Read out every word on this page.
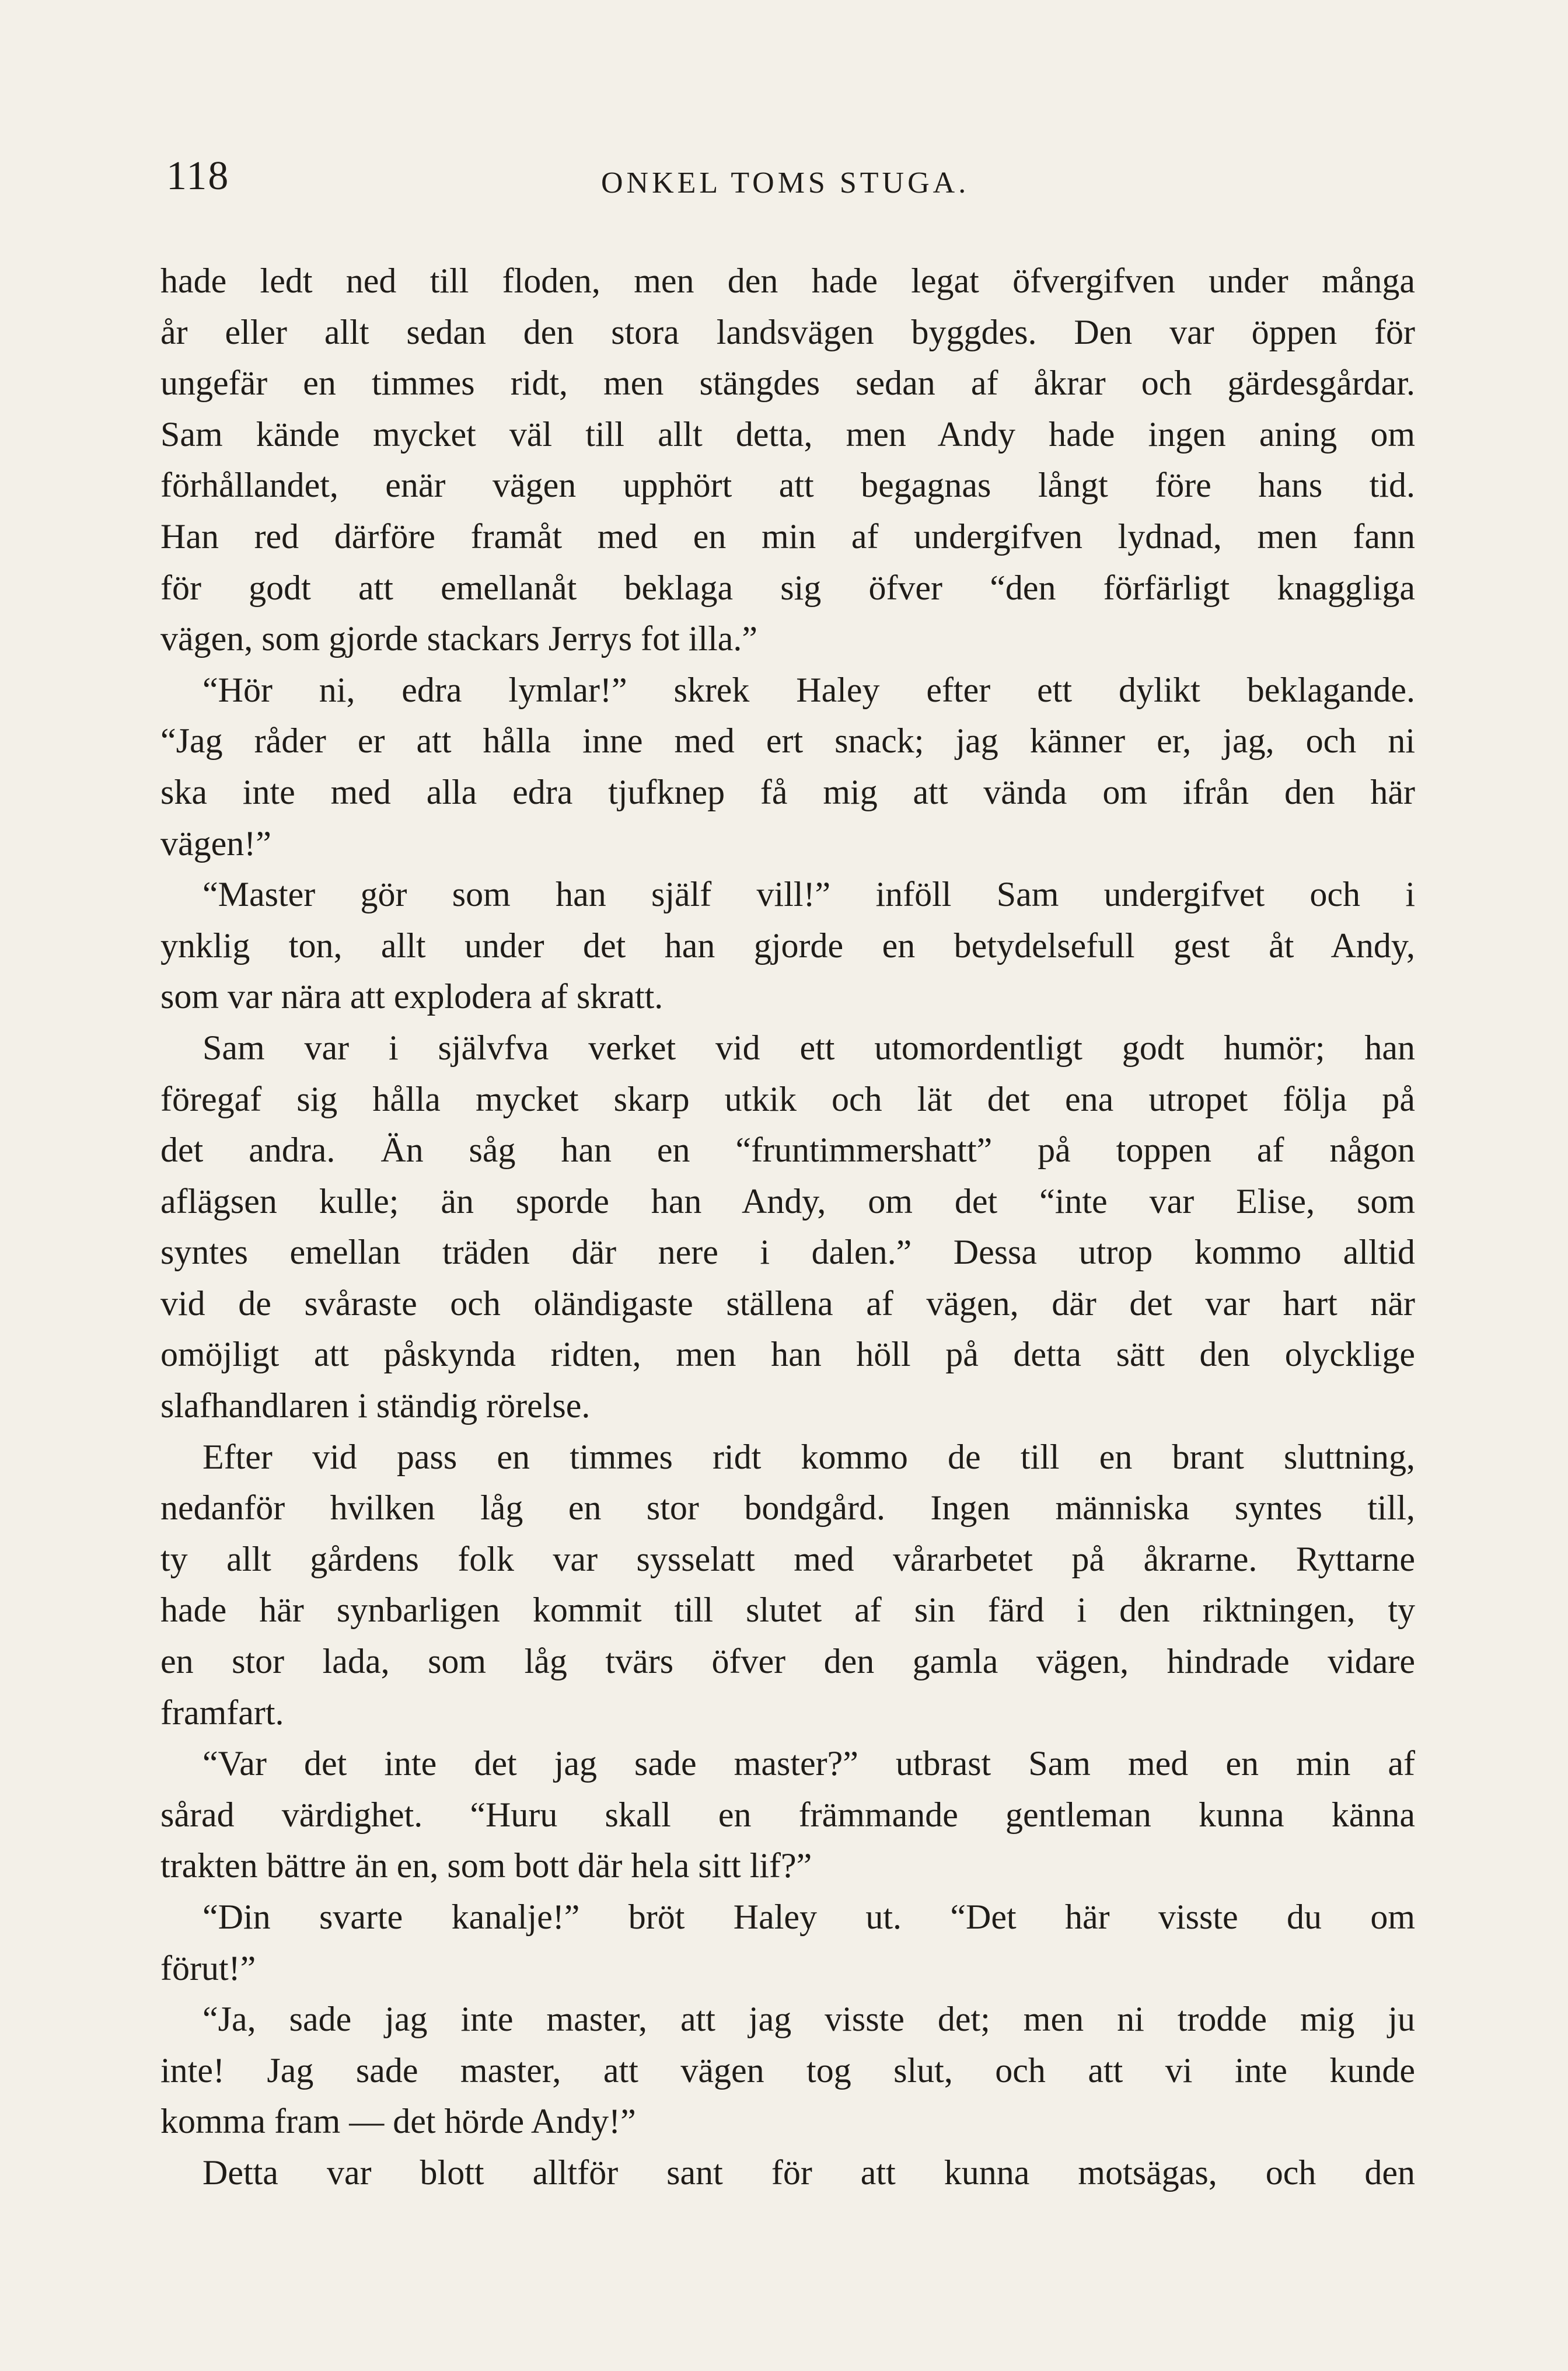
118	ONKEL TOMS STUGA.
hade ledt ned till floden, men den hade legat öfvergifven under många
år eller allt sedan den stora landsvägen byggdes. Den var öppen för
ungefär en timmes ridt, men stängdes sedan af åkrar och gärdesgårdar.
Sam kände mycket väl till allt detta, men Andy hade ingen aning om
förhållandet, enär vägen upphört att begagnas långt före hans tid.
Han red därföre framåt med en min af undergifven lydnad, men fann
för godt att emellanåt beklaga sig öfver “den förfärligt knaggliga
vägen, som gjorde stackars Jerrys fot illa.”
“Hör ni, edra lymlar!” skrek Haley efter ett dylikt beklagande.
“Jag råder er att hålla inne med ert snack; jag känner er, jag, och ni
ska inte med alla edra tjufknep få mig att vända om ifrån den här
vägen!”
“Master gör som han själf vill!” inföll Sam undergifvet och i
ynklig ton, allt under det han gjorde en betydelsefull gest åt Andy,
som var nära att explodera af skratt.
Sam var i självfva verket vid ett utomordentligt godt humör; han
föregaf sig hålla mycket skarp utkik och lät det ena utropet följa på
det andra. Än såg han en “fruntimmershatt” på toppen af någon
aflägsen kulle; än sporde han Andy, om det “inte var Elise, som
syntes emellan träden där nere i dalen.” Dessa utrop kommo alltid
vid de svåraste och oländigaste ställena af vägen, där det var hart när
omöjligt att påskynda ridten, men han höll på detta sätt den olycklige
slafhandlaren i ständig rörelse.
Efter vid pass en timmes ridt kommo de till en brant sluttning,
nedanför hvilken låg en stor bondgård. Ingen människa syntes till,
ty allt gårdens folk var sysselatt med vårarbetet på åkrarne. Ryttarne
hade här synbarligen kommit till slutet af sin färd i den riktningen, ty
en stor lada, som låg tvärs öfver den gamla vägen, hindrade vidare
framfart.
“Var det inte det jag sade master?” utbrast Sam med en min af
sårad värdighet. “Huru skall en främmande gentleman kunna känna
trakten bättre än en, som bott där hela sitt lif?”
“Din svarte kanalje!” bröt Haley ut. “Det här visste du om
förut!”
“Ja, sade jag inte master, att jag visste det; men ni trodde mig ju
inte! Jag sade master, att vägen tog slut, och att vi inte kunde
komma fram — det hörde Andy!”
Detta var blott alltför sant för att kunna motsägas, och den
